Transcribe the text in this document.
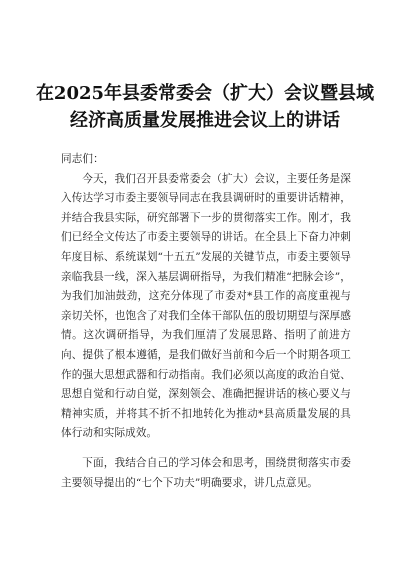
在2025年县委常委会（扩大）会议暨县域经济高质量发展推进会议上的讲话

同志们：

今天，我们召开县委常委会（扩大）会议，主要任务是深入传达学习市委主要领导同志在我县调研时的重要讲话精神，并结合我县实际，研究部署下一步的贯彻落实工作。刚才，我们已经全文传达了市委主要领导的讲话。在全县上下奋力冲刺年度目标、系统谋划“十五五”发展的关键节点，市委主要领导亲临我县一线，深入基层调研指导，为我们精准“把脉会诊”，为我们加油鼓劲，这充分体现了市委对*县工作的高度重视与亲切关怀，也饱含了对我们全体干部队伍的殷切期望与深厚感情。这次调研指导，为我们厘清了发展思路、指明了前进方向、提供了根本遵循，是我们做好当前和今后一个时期各项工作的强大思想武器和行动指南。我们必须以高度的政治自觉、思想自觉和行动自觉，深刻领会、准确把握讲话的核心要义与精神实质，并将其不折不扣地转化为推动*县高质量发展的具体行动和实际成效。

下面，我结合自己的学习体会和思考，围绕贯彻落实市委主要领导提出的“七个下功夫”明确要求，讲几点意见。
